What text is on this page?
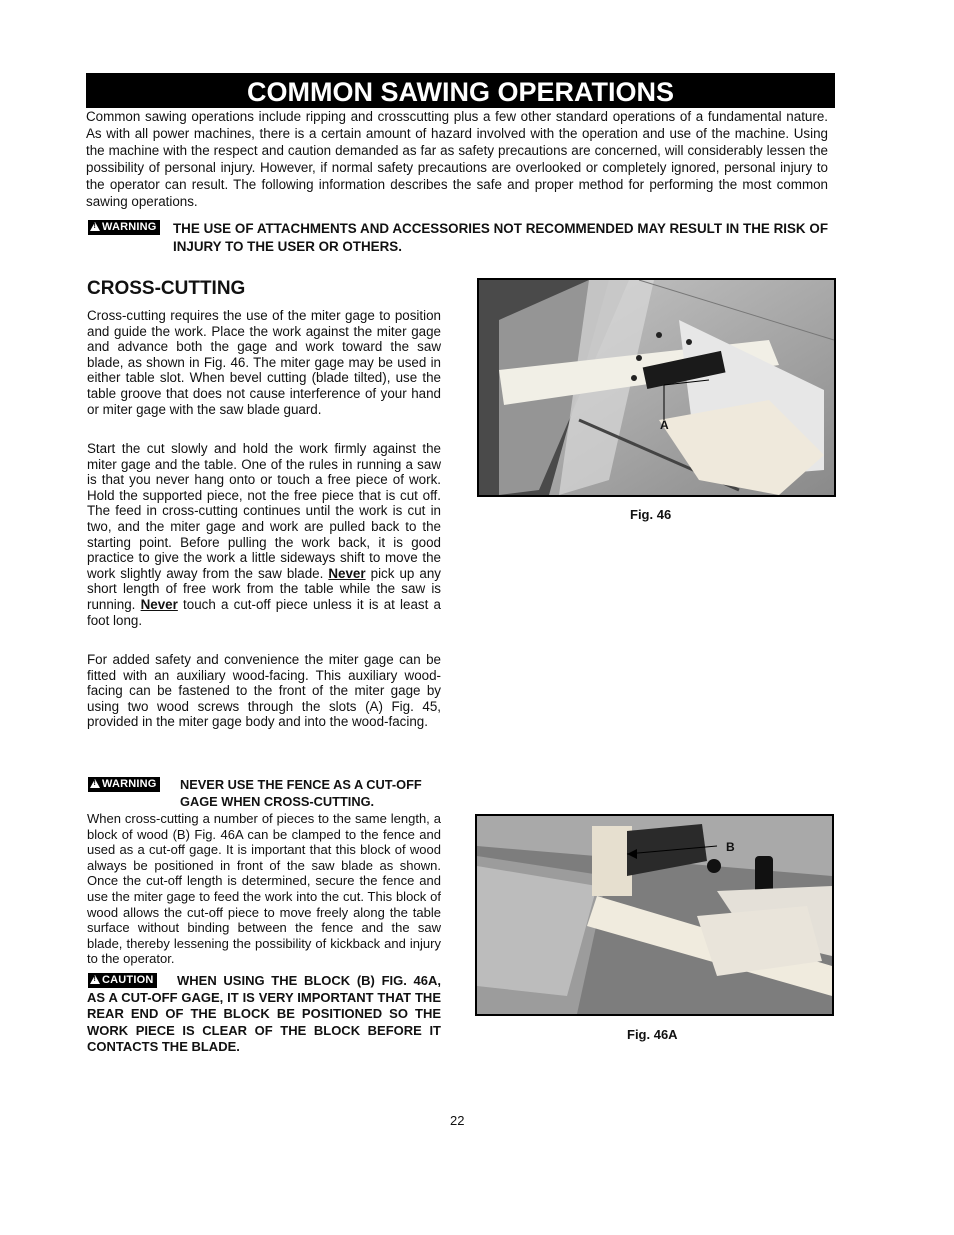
COMMON SAWING OPERATIONS
Common sawing operations include ripping and crosscutting plus a few other standard operations of a fundamental nature. As with all power machines, there is a certain amount of hazard involved with the operation and use of the machine. Using the machine with the respect and caution demanded as far as safety precautions are concerned, will considerably lessen the possibility of personal injury. However, if normal safety precautions are overlooked or completely ignored, personal injury to the operator can result. The following information describes the safe and proper method for performing the most common sawing operations.
!WARNING THE USE OF ATTACHMENTS AND ACCESSORIES NOT RECOMMENDED MAY RESULT IN THE RISK OF INJURY TO THE USER OR OTHERS.
CROSS-CUTTING

Cross-cutting requires the use of the miter gage to position and guide the work. Place the work against the miter gage and advance both the gage and work toward the saw blade, as shown in Fig. 46. The miter gage may be used in either table slot. When bevel cutting (blade tilted), use the table groove that does not cause interference of your hand or miter gage with the saw blade guard.

Start the cut slowly and hold the work firmly against the miter gage and the table. One of the rules in running a saw is that you never hang onto or touch a free piece of work. Hold the supported piece, not the free piece that is cut off. The feed in cross-cutting continues until the work is cut in two, and the miter gage and work are pulled back to the starting point. Before pulling the work back, it is good practice to give the work a little sideways shift to move the work slightly away from the saw blade. Never pick up any short length of free work from the table while the saw is running. Never touch a cut-off piece unless it is at least a foot long.

For added safety and convenience the miter gage can be fitted with an auxiliary wood-facing. This auxiliary wood-facing can be fastened to the front of the miter gage by using two wood screws through the slots (A) Fig. 45, provided in the miter gage body and into the wood-facing.

!WARNING NEVER USE THE FENCE AS A CUT-OFF GAGE WHEN CROSS-CUTTING.

When cross-cutting a number of pieces to the same length, a block of wood (B) Fig. 46A can be clamped to the fence and used as a cut-off gage. It is important that this block of wood always be positioned in front of the saw blade as shown. Once the cut-off length is determined, secure the fence and use the miter gage to feed the work into the cut. This block of wood allows the cut-off piece to move freely along the table surface without binding between the fence and the saw blade, thereby lessening the possibility of kickback and injury to the operator.

!CAUTION	WHEN USING THE BLOCK (B) FIG. 46A, AS A CUT-OFF GAGE, IT IS VERY IMPORTANT THAT THE REAR END OF THE BLOCK BE POSITIONED SO THE WORK PIECE IS CLEAR OF THE BLOCK BEFORE IT CONTACTS THE BLADE.
A
Fig. 46
B
Fig. 46A
22
